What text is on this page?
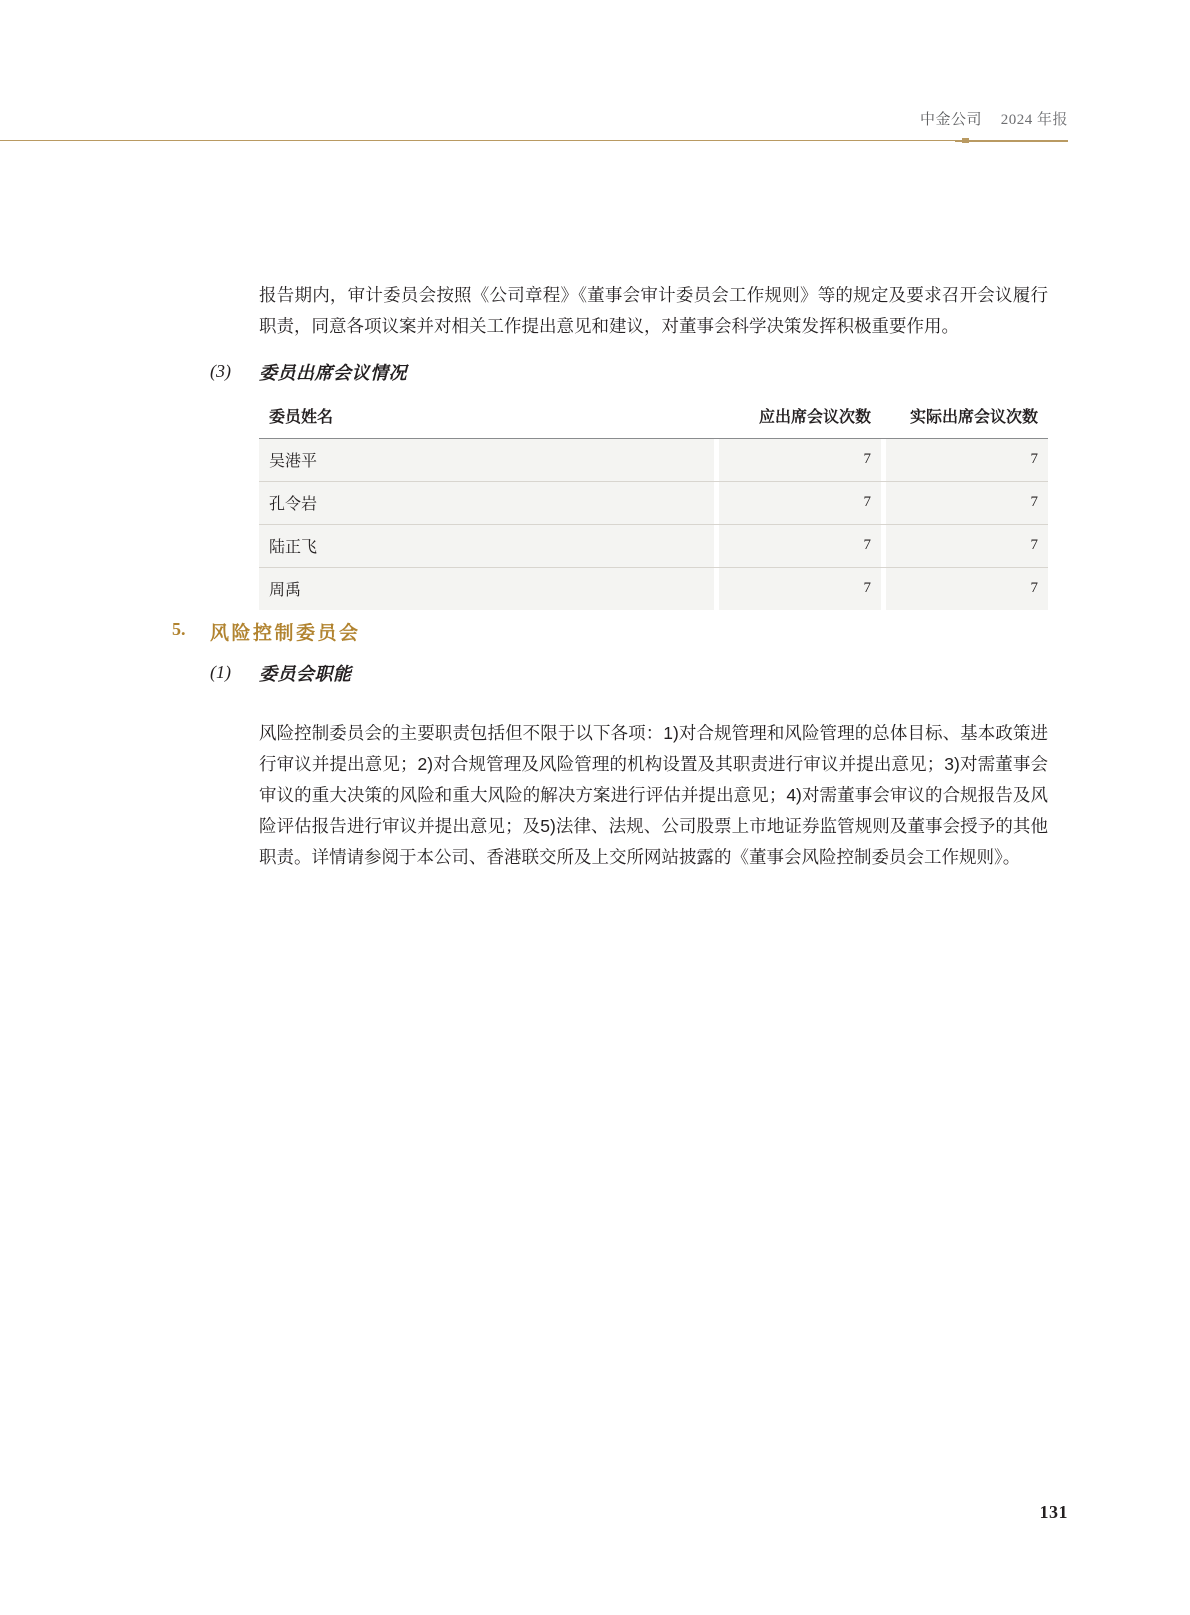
中金公司 2024 年报

报告期内，审计委员会按照《公司章程》《董事会审计委员会工作规则》等的规定及要求召开会议履行职责，同意各项议案并对相关工作提出意见和建议，对董事会科学决策发挥积极重要作用。

(3) 委员出席会议情况
委员姓名	应出席会议次数	实际出席会议次数
吴港平	7	7
孔令岩	7	7
陆正飞	7	7
周禹	7	7
5. 风险控制委员会
(1) 委员会职能

风险控制委员会的主要职责包括但不限于以下各项：1)对合规管理和风险管理的总体目标、基本政策进行审议并提出意见；2)对合规管理及风险管理的机构设置及其职责进行审议并提出意见；3)对需董事会审议的重大决策的风险和重大风险的解决方案进行评估并提出意见；4)对需董事会审议的合规报告及风险评估报告进行审议并提出意见；及5)法律、法规、公司股票上市地证券监管规则及董事会授予的其他职责。详情请参阅于本公司、香港联交所及上交所网站披露的《董事会风险控制委员会工作规则》。

131
